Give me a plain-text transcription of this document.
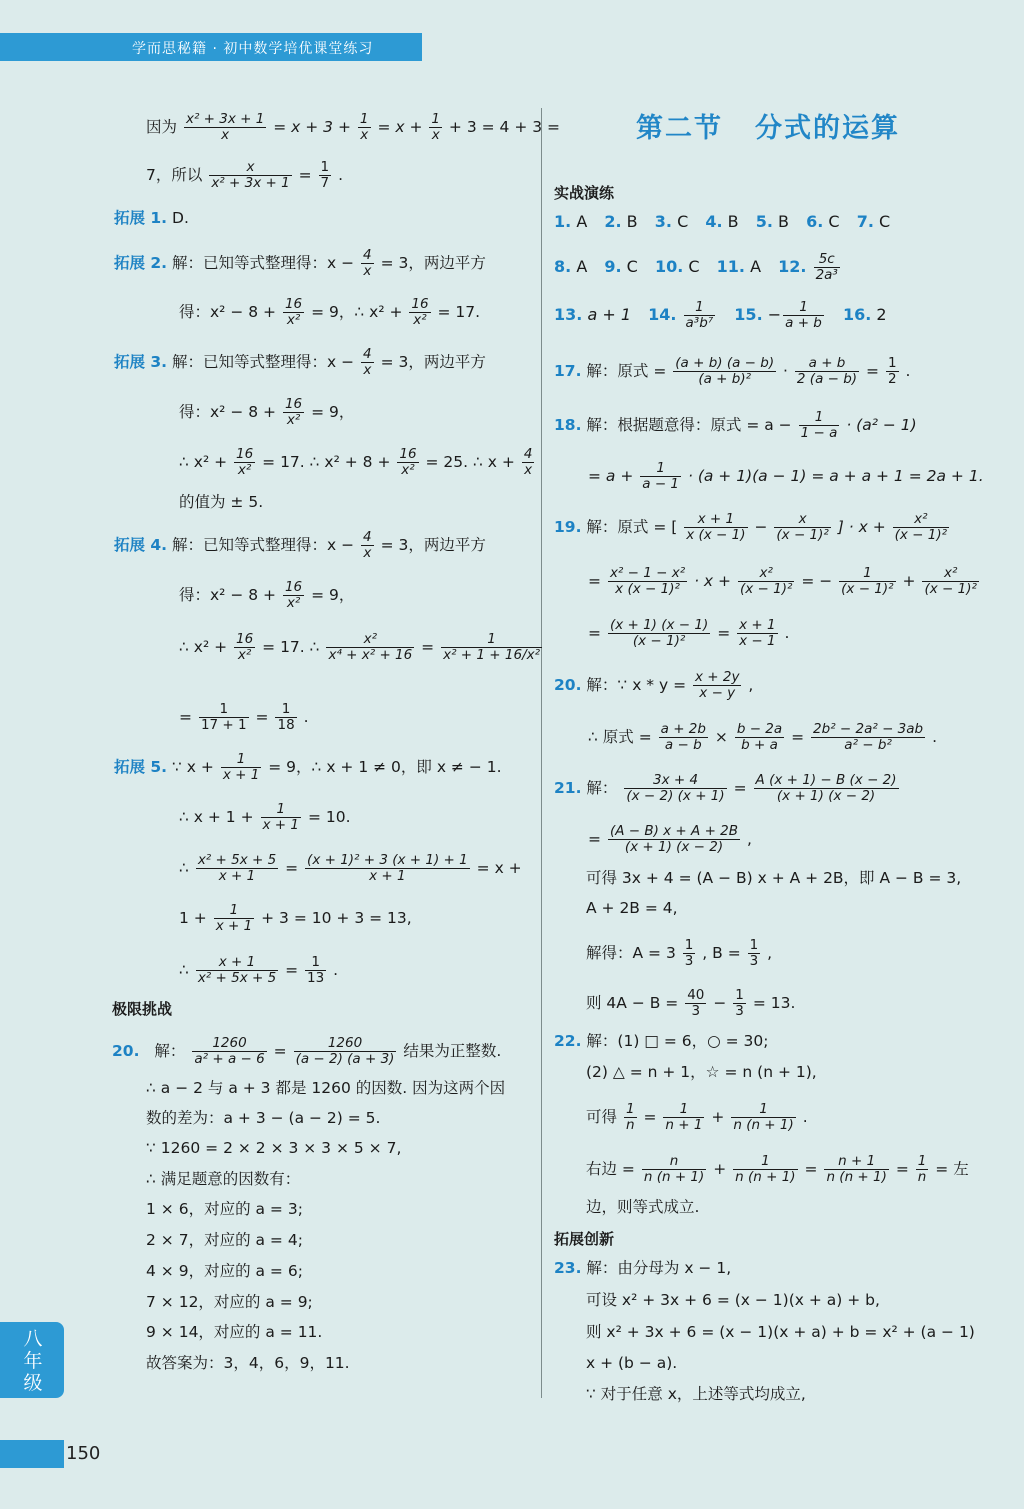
学而思秘籍 · 初中数学培优课堂练习
第二节 分式的运算
因为 $\frac{\text{x² + 3x + 1}}{x} = x + 3 + \frac{1}{x} = x + \frac{1}{x} + 3 = 4 + 3$ =
7，所以 $\frac{x}{\text{x² + 3x + 1}} = \frac{1}{7}$ .
拓展 1. D.
拓展 2. 解：已知等式整理得：$x - \frac{4}{x} = 3$，两边平方
得：$x^2 - 8 + \frac{16}{\text{x²}} = 9$，∴ $x^2 + \frac{16}{\text{x²}} = 17$.
拓展 3. 解：已知等式整理得：$x - \frac{4}{x} = 3$，两边平方
得：$x^2 - 8 + \frac{16}{\text{x²}} = 9$，
∴ $x^2 + \frac{16}{\text{x²}} = 17$. ∴ $x^2 + 8 + \frac{16}{\text{x²}} = 25$. ∴ $x + \frac{4}{x}$
的值为 ± 5.
拓展 4. 解：已知等式整理得：$x - \frac{4}{x} = 3$，两边平方
得：$x^2 - 8 + \frac{16}{\text{x²}} = 9$，
∴ $x^2 + \frac{16}{\text{x²}} = 17$. ∴ $\frac{\text{x²}}{\text{x⁴ + x² + 16}} = \frac{1}{\text{x² + 1 + 16/x²}}$
= $\frac{1}{17 + 1} = \frac{1}{18}$ .
拓展 5. ∵ $x + \frac{1}{x + 1} = 9$，∴ x + 1 ≠ 0，即 x ≠ − 1.
∴ $x + 1 + \frac{1}{x + 1} = 10$.
∴ $\frac{\text{x² + 5x + 5}}{x + 1} = \frac{\text{(x + 1)² + 3 (x + 1) + 1}}{x + 1} = x$ +
$1 + \frac{1}{x + 1} + 3 = 10 + 3 = 13$,
∴ $\frac{x + 1}{\text{x² + 5x + 5}} = \frac{1}{13}$ .
极限挑战
20. 解： $\frac{1260}{\text{a² + a − 6}} = \frac{1260}{(a - 2) (a + 3)}$ 结果为正整数.
∴ a − 2 与 a + 3 都是 1260 的因数. 因为这两个因
数的差为：a + 3 − (a − 2) = 5.
∵ 1260 = 2 × 2 × 3 × 3 × 5 × 7,
∴ 满足题意的因数有：
1 × 6，对应的 a = 3;
2 × 7，对应的 a = 4;
4 × 9，对应的 a = 6;
7 × 12，对应的 a = 9;
9 × 14，对应的 a = 11.
故答案为：3，4，6，9，11.
实战演练
1. A 2. B 3. C 4. B 5. B 6. C 7. C
8. A 9. C 10. C 11. A 12. $\frac{5c}{\text{2a³}}$
13. a + 1 14. $\frac{1}{\text{a³b⁷}} 15$. − $\frac{1}{a + b} 16$. 2
17. 解：原式 = $\frac{(a + b) (a - b)}{\text{(a + b)²}} \cdot \frac{a + b}{2 (a - b)} = \frac{1}{2}$ .
18. 解：根据题意得：原式 = $a - \frac{1}{1 - a} \cdot (a^2 - 1)$
= $a + \frac{1}{a - 1} \cdot (a + 1)(a - 1) = a + a + 1 = 2a + 1$.
19. 解：原式 = [ $\frac{x + 1}{x (x - 1)} - \frac{x}{\text{(x − 1)²}}$ ] · $x + \frac{\text{x²}}{\text{(x − 1)²}}$
= $\frac{\text{x² − 1 − x²}}{\text{x (x − 1)²}} \cdot x + \frac{\text{x²}}{\text{(x − 1)²}}$ = − $\frac{1}{\text{(x − 1)²}} + \frac{\text{x²}}{\text{(x − 1)²}}$
= $\frac{(x + 1) (x - 1)}{\text{(x − 1)²}} = \frac{x + 1}{x - 1}$ .
20. 解：∵ $x * y = \frac{x + 2y}{x - y}$ ,
∴ 原式 = $\frac{a + 2b}{a - b} \times \frac{b - 2a}{b + a} = \frac{\text{2b² − 2a² − 3ab}}{\text{a² − b²}}$ .
21. 解： $\frac{3x + 4}{(x - 2) (x + 1)} = \frac{A (x + 1) - B (x - 2)}{(x + 1) (x - 2)}$
= $\frac{(A - B) x + A + 2B}{(x + 1) (x - 2)}$ ,
可得 3x + 4 = (A − B) x + A + 2B，即 A − B = 3,
A + 2B = 4,
解得：$A = 3 \frac{1}{3}$ , $B = \frac{1}{3}$ ,
则 $4A - B = \frac{40}{3} - \frac{1}{3} = 13$.
22. 解：(1) □ = 6，○ = 30;
(2) △ = n + 1，☆ = n (n + 1),
可得 $\frac{1}{n} = \frac{1}{n + 1} + \frac{1}{n (n + 1)}$ .
右边 = $\frac{n}{n (n + 1)} + \frac{1}{n (n + 1)} = \frac{n + 1}{n (n + 1)} = \frac{1}{n}$ = 左
边，则等式成立.
拓展创新
23. 解：由分母为 x − 1,
可设 x² + 3x + 6 = (x − 1)(x + a) + b,
则 x² + 3x + 6 = (x − 1)(x + a) + b = x² + (a − 1)
x + (b − a).
∵ 对于任意 x，上述等式均成立,
八年级
150
